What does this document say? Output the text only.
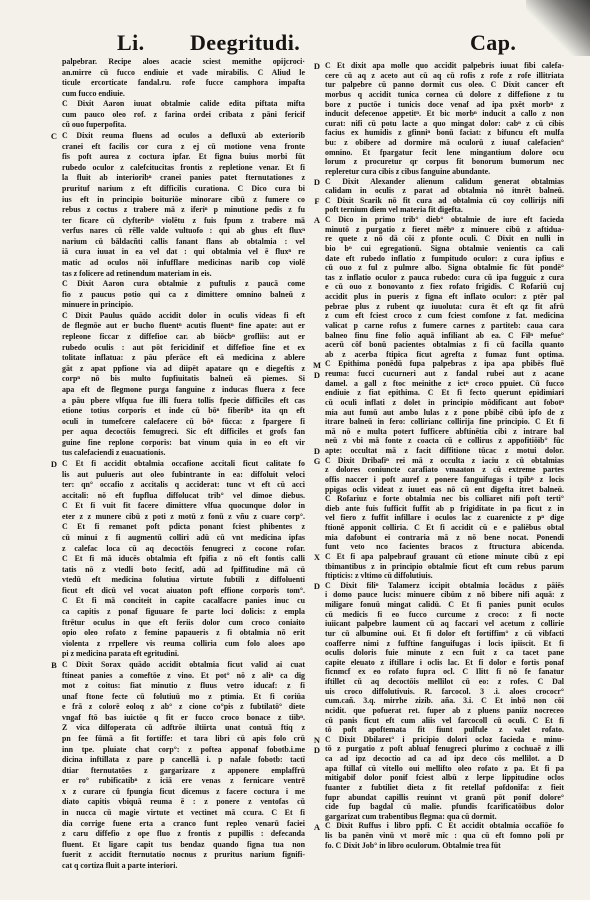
Li. Deegritudi.	Cap.
C
D
B
D
D
F
A
M
D
D
G
X
D
N
D
A
palpebrar. Recipe aloes acacie sciest memithe opijcroci·
an.mirre cū fucco endiuie et vade mirabilis. C Aliud le
ticule ercorticate fandal.ru. rofe fucce camphora impafta
cum fucco endiuie.
C Dixit Aaron iuuat obtalmie calide edita piftata mifta
cum pauco oleo rof. z farina ordei cribata z pāni fericif
cū ouo fuperpofita.
C Dixit reuma fluens ad oculos a defluxū ab exteriorib
cranei eft facilis cor cura z ej cū motione vena fronte
fis poft aurea z coctura ipfar. Et figna buius morbi fūt
rubedo oculor z calefcitucitas frontis z repletione venar. Et fi
la fluit ab interioribⁿ cranei panies patet fternutationes z
prurituf narium z eft difficilis curationa. C Dico cura bi
ius eft in principio boituriōe minorare cibū z fumere co
rebus z coctus z trabere mā z iferiⁿ p minutione pedis z fu
ter ficare cū clyfteribⁿ violētu z fuis fpum z trabere mā
verfus nares cū rēlle valde vultuofo : qui ab ghus eft fluxⁿ
narium cū bāldacñti callis fanant flans ab obtalmia : vel
iā cura iuuat in ea vel dat : qui obtalmia vel ē fluxⁿ re
matic ad oculos nōi infufflare medicinas narib cop violē
tas z folicere ad retinendum materiam in eis.
C Dixit Aaron cura obtalmie z puftulis z paucā come
fio z paucus potio qui ca z dimittere omnino balneū z
minuere in principio.
C Dixit Paulus quādo accidit dolor in oculis videas fi eft
de flegmōe aut er bucho fluentⁿ acutis fluentⁿ fine apate: aut er
repleone ficcar z diffefioe car. ab biōcbⁿ grofliis: aut er
rubedo oculis : aut pōt fericidinif et diffefioe fine et ex
tolitate inflatua: z pāu pferāce eft eā medicina z ablere
gāt z apat ppfione via ad diipēt apatare qn e diegeftis z
corpⁿ nō bis multo fupfiuitatis balneū eā piemes. Si
apa eft de flegmone purga fanguine z inducas fluera z fece
a pāu pbere vlfqua fue illi fuera tollis fpecie difficiles eft cas
etione totius corporis et inde cū bōⁿ fiberibⁿ ita qn eft
oculi in tumefcere calefacere cū bōⁿ fūcca: z fpargere fi
per aqua decoctōis femugreci. Sic eft difficiles et grofs fan
guine fine replone corporis: bat vinum quia in eo eft vir
tus calefaciendi z euacuationis.
C Et fi accidit obtalmia occafione accitali ficut calitate fo
lis aut pulueris aut oleo fubintrante in ea: diffoluit veloci
ter: qn° occafio z accitalis q acciderat: tunc vt eft cū acci
accitali: nō eft fupflua diffolucat trib° vel dimoe diebus.
C Et fi vuit fit facere dimittere vlfua quocunque dolor in
eter z z munere cibū z poti z motū z fonū z vñu z cuare corp°.
C Et fi remanet poft pdicta ponant fciest phibentes z
cū minui z fi augmentū colliri adū cū vnt medicina ipfas
z calefac loca cū aq decoctōis fenugreci z cocone rofar.
C Et fi mā iducēs obtalmia eft fpifia z nō eft fontis calli
tatis nō z vtedli boto fecitf, adū ad fpiffitudine mā cū
vtedū eft medicina folutiua virtute fubtili z diffoluenti
ficut eft dicū vel vocat aiuaton poft effione corporis tom°.
C Et fi mā conciteit in capite cacalfacre panies inuc cu
ca capitis z ponaf figuuare fe parte loci dolicis: z empla
ftrētur oculus in que eft feriis dolor cum croco coniaito
opio oleo rofato z femine papaueris z fi obtalmia nō erit
violenta z rrpellere vis reuma colliria cum folo aloes apo
pi z medicina parata eft egritudini.
C Dixit Sorax quādo accidit obtalmia ficut valid ai cuat
ftineat panies a comeftōe z vino. Et pot° nō z aliⁿ ca dig
mot z coitus: fiat minutio z fluus vetro iducaf: z fi
unaf ftone fecte cū folutiuū mo z ptimia. Et fi coriūa
e frā z colorē eoloq z ab° z cione co°pis z fubtilatō° diete
vngaf ftō bas iuictōe q fit er fucco croco bonace z tiibⁿ.
Z vica dilfoperata cū adftrōe iltiirta unat contuā ftiq z
pn fee fūmā a fit fortiffe: et tara libri cū apis folo crū
inn tpe. pluiate chat corp°: z poftea apponaf fobotb.i.me
dicina inftillata z pare p cancellā i. p nafale fobotb: tactī
dtiar fternutatōes z gargarizare z apponere emplaffrū
er ro° rubificatibⁿ z iciā ere venas z fernicare ventrē
x z curare cū fpungia ficut dicemus z facere coctura i me
diato capitis vbiquā reuma ē : z ponere z ventofas cū
in nucca cū magie virtute et vectinet mā ccura. C Et fi
dia corrige fuene erta a cranco funt repleo venarū faciei
z caru diffefio z ope fluo z frontis z pupillis : defecanda
fluent. Et ligare capit tus bendaz quando figna tua non
fuerit z accidit fternutatio nocnus z pruritus narium fignifi-
cat q cortiza fluit a parte interiori.
C Et dixit apa molle quo accidit palpebris iuuat fibi calefa-
cere cū aq z aceto aut cū aq cū rofis z rofe z rofe illitriata
tur palpebre cū panno dormit cus oleo. C Dixit cancer eft
morbus q accidit tunica cornea cū dolore z diffefione z tu
bore z puctōe i tunicis doce venaf ad ipa pxēt morbⁿ z
inducit defecenoe appetitⁿ. Et bic morbⁿ inducit a callo z non
curat: nifi cū potu lacte a quo mingat dolor: cabⁿ z cū cibis
facius ex humidis z gfinniⁿ bonū faciat: z bifuncu eft mulfa
bu: z obibere ad dormire mā oculorū z iuuaf calefacien°
omnino. Et fpargatur fecit lene mingantium dolore ocu
lorum z procuretur qr corpus fit bonorum bumorum nec
repleretur cura cibis z cibus fanguine abundante.
C Dixit Alexander alienum calidum generat obtalmias
calidam in oculis z parat ad obtalmia nō itnrēt balneū.
C Dixit Scarik nō fit cura ad obtalmia cū coy collirijs nifi
poft ternium diem vel materia fit digefta.
C Dico in primo trib° dieb° obtalmie de iure eft facieda
minutō z purgatio z fieret mēbⁿ z minuere cibū z aftidua-
re quete z nō dā cōi z pfonte oculi. C Dixit en nulli in
bio bⁿ cui egregationū. Signa obtalmie venientis ca cali
date eft rubedo inflatio z fumpitudo oculor: z cura ipfius e
cū ouo z ful z pulmre albo. Signa obtalmie fic fūt pondē°
tas z inflatio oculor z pauca rubedo: cura cū ipa fugguic z cura
e cū ouo z bonovanto z fiex rofato frigidis. C Rofariū cuj
accidit plus in pueris z figna eft inflato oculor: z ptēr pal
pebrae plus z rubent qz iuuoluta: cura ēt eft qz fit afrū
z cum eft fciest croco z cum fciest comfone z fat. medicina
valicat p carne rofus z fumere carnes z partiteb: caua cara
balneo finu fine folio aquā infiliant ab ea. C Filⁿ mefue°
acerū cōf bonū pacientes obtalmias z fi cū facilla quanto
ab z acerba ftipica ficut agrefta z fumaz funt optima.
C Epithima ponēdū fupa palpebras z ipa apa pbibēs fluē
reuma: fucci cucurneri aut z fandal rubei aut z acane
damel. a gall z ftoc meinithe z ictⁿ croco ppuiet. Cū fucco
endiuie z fiat epithima. C Et fi fecto querunt epidimiari
cū oculi inflati z dolet in principio mōdificant aut fobotⁿ
mia aut fumū aut ambo lulas z z pone pbibē cibū ipfo de z
itrare balneū in fero: collirianc collirija fine principio. C Et fi
mā nō e multa potert fufficere abftinētia cibi z intrare bal
neū z vbi mā fonte z coacta cū e collirus z appofitiōib° fūc
apte: occultat mā z facit diffitione tūcac z motui dolor.
C Dixit Dribafiⁿ rei mā z occulta z iaciu z cū obtalmias
z dolores coniuncte carafiato vmaaton z cū extreme partes
offis naccer i poft auref z ponere fanguifugas i tpībⁿ z locis
ppigas oclis videat z iuuet eas nō cū ent digefta itret balneū.
C Rofariuz e forte obtalmia nec bis colliaret nifi poft terti°
dieb ante fuis fufficit fuffit ab p frigiditate in pa ficut z in
vel fiero z fuffit infillare i oculos lac z cuarenicte z pⁿ dige
ftionē apponit colliria. C Et fi accidit cū e e paliēbus obtal
mia dafobunt ei contraria mā z nō bene nocat. Ponendi
funt veto nco facientes bracos z ftructura abicenda.
C Et fi apa palpebrauf grauant cū etione minute cibū z epi
tbimantibus z in principio obtalmie ficut eft cum rebus parum
ftipticis: z vltimo cū diffolutiuis.
C Dixit filiⁿ Talamerz iccipit obtalmia locādus z pāiēs
i domo pauce lucis: minuere cibūm z nō bibere nifi aquā: z
miligare fonuū mingat calidū. C Et fi panies punit oculos
cū medicis fi eo fucco curcume z croco: z fi nocte
iuiicant palpebre laument cū aq faccari vel acetum z collirie
tur cū albumine oui. Et fi dolor eft fortiffim° z cū vibfacti
coafferre nimi z fufftine fanguifugas i locis ipiiscit. Et fi
oculis doloris fuie minute z ecn fuit z ca tacet pane
capite eleuato z iftillare i oclis lac. Et fi dolor e fortis ponaf
ficnmcf ex eo rofato fupra ocl. C Ilitt fi nō fe fanatur
iftillet cū aq decoctōis mellilot cū eo: z rofes. C Dal
uis croco diffolutivuis. R. farcocol. 3 .i. aloes crococr°
cum.cañ. 3.q. mirrhe zizib. aña. 3.i. C Et inbō non cōi
ncidit. que pofuerat ret. fuper ab z pluens paniiz nocreceo
cū panis ficut eft cum aliis vel farcocoll cū oculi. C Et fi
tō poft apoftemata fit fiunt pulfule z valet rofato.
C Dixit Dbilaret° i pricipio dolori ocloz facieda e minu-
tō z purgatio z poft abluaf fenugreci plurimo z cochuaĕ z illi
ca ad ipz decoctio ad ca ad ipz deco cōs mellilot. a D
apa ftillaf cū vitello oui mellifto oleo rofato z pa. Et fi pa
mitigabif dolor ponif fciest albū z lerpe lippitudine oclos
fuanter z fubtiliet dieta z fit retellaf pofdonīfa: z fieit
fupr abundat capillis reuinnt vt granū pōt ponif dolore°
cide fup bagdal cū malie. pfundis fcarificatōibus dolor
gargarizat cum trabentibus flegma: qua cū dormit.
C Dixit Ruffus i libro ppfi. C Et accidit obtalmia occafiōe fo
lis ba panēn vinū vt morē mīc : qua cū eft fomno poli pr
fo. C Dixit Job° in libro oculorum. Obtalmie trea fūt
